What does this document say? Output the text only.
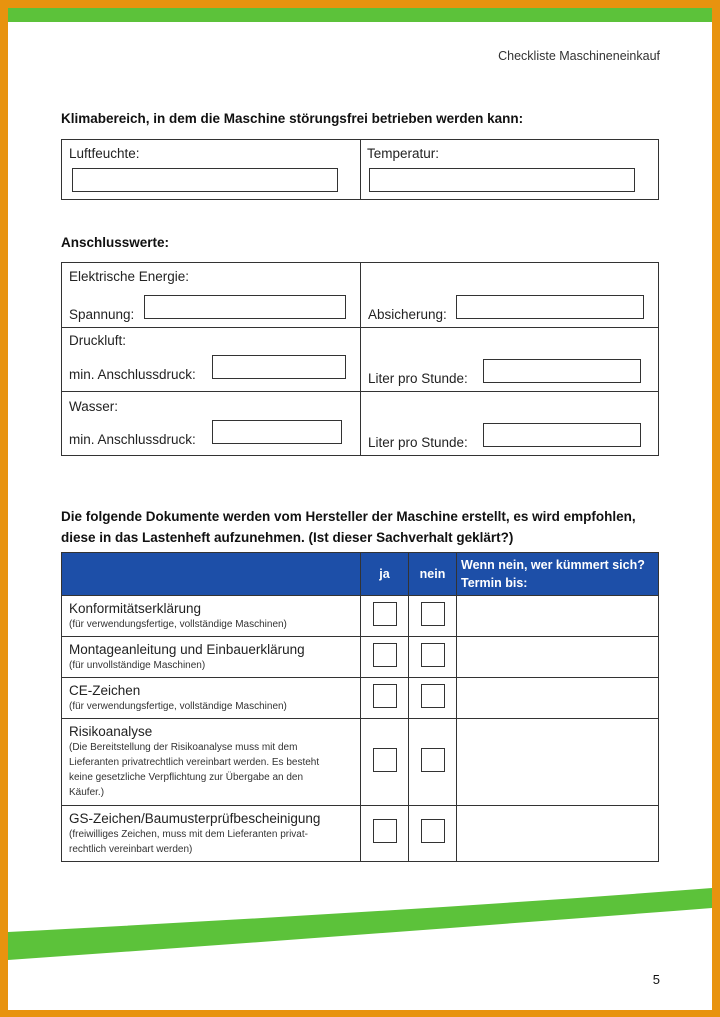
Checkliste Maschineneinkauf
Klimabereich, in dem die Maschine störungsfrei betrieben werden kann:
Luftfeuchte:	Temperatur:
Anschlusswerte:
Elektrische Energie:
Spannung:	Absicherung:

Druckluft:
min. Anschlussdruck:	Liter pro Stunde:

Wasser:
min. Anschlussdruck:	Liter pro Stunde:
Die folgende Dokumente werden vom Hersteller der Maschine erstellt, es wird empfohlen,
diese in das Lastenheft aufzunehmen. (Ist dieser Sachverhalt geklärt?)
	ja	nein	Wenn nein, wer kümmert sich?
Termin bis:

Konformitätserklärung
(für verwendungsfertige, vollständige Maschinen)			

Montageanleitung und Einbauerklärung
(für unvollständige Maschinen)			

CE-Zeichen
(für verwendungsfertige, vollständige Maschinen)			

Risikoanalyse
(Die Bereitstellung der Risikoanalyse muss mit dem
Lieferanten privatrechtlich vereinbart werden. Es besteht
keine gesetzliche Verpflichtung zur Übergabe an den
Käufer.)			

GS-Zeichen/Baumusterprüfbescheinigung
(freiwilliges Zeichen, muss mit dem Lieferanten privat-
rechtlich vereinbart werden)			

5
